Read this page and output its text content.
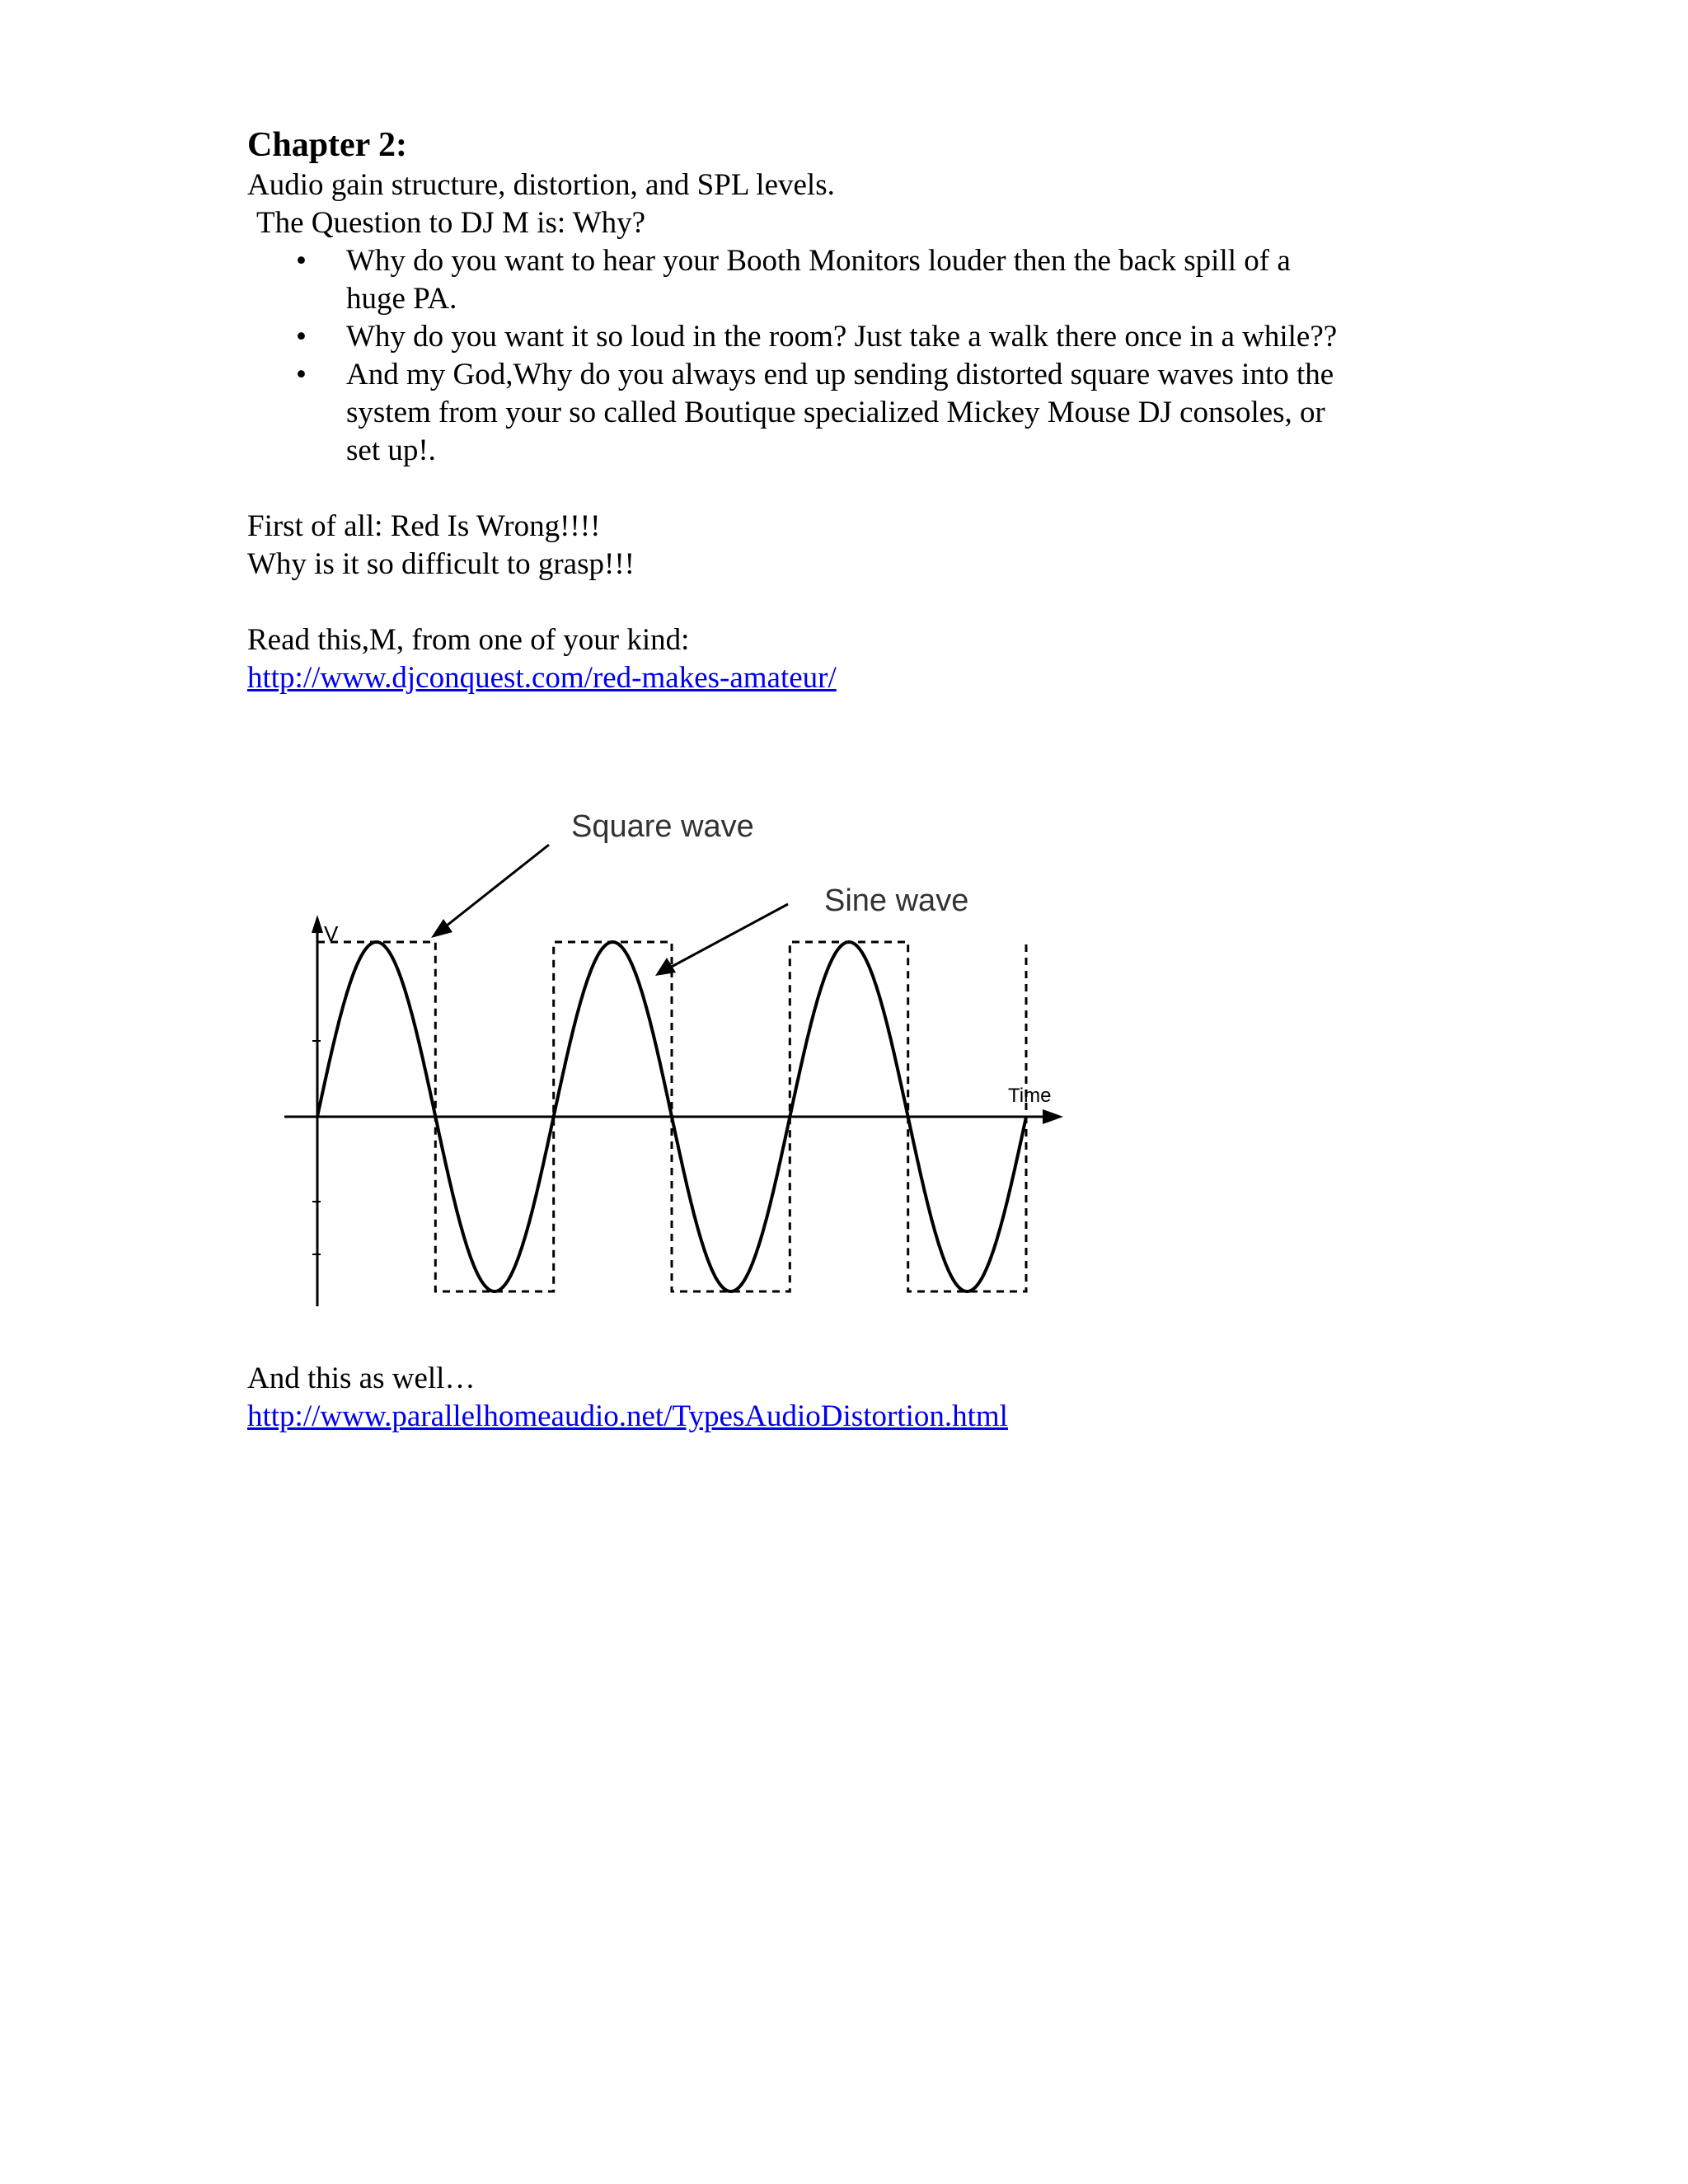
Chapter 2:

Audio gain structure, distortion, and SPL levels.

The Question to DJ M is: Why?

• Why do you want to hear your Booth Monitors louder then the back spill of a
huge PA.
• Why do you want it so loud in the room? Just take a walk there once in a while??
• And my God,Why do you always end up sending distorted square waves into the
system from your so called Boutique specialized Mickey Mouse DJ consoles, or
set up!.

First of all: Red Is Wrong!!!!

Why is it so difficult to grasp!!!

Read this,M, from one of your kind:

http://www.djconquest.com/red-makes-amateur/

V
Time
Square wave
Sine wave

And this as well…

http://www.parallelhomeaudio.net/TypesAudioDistortion.html
